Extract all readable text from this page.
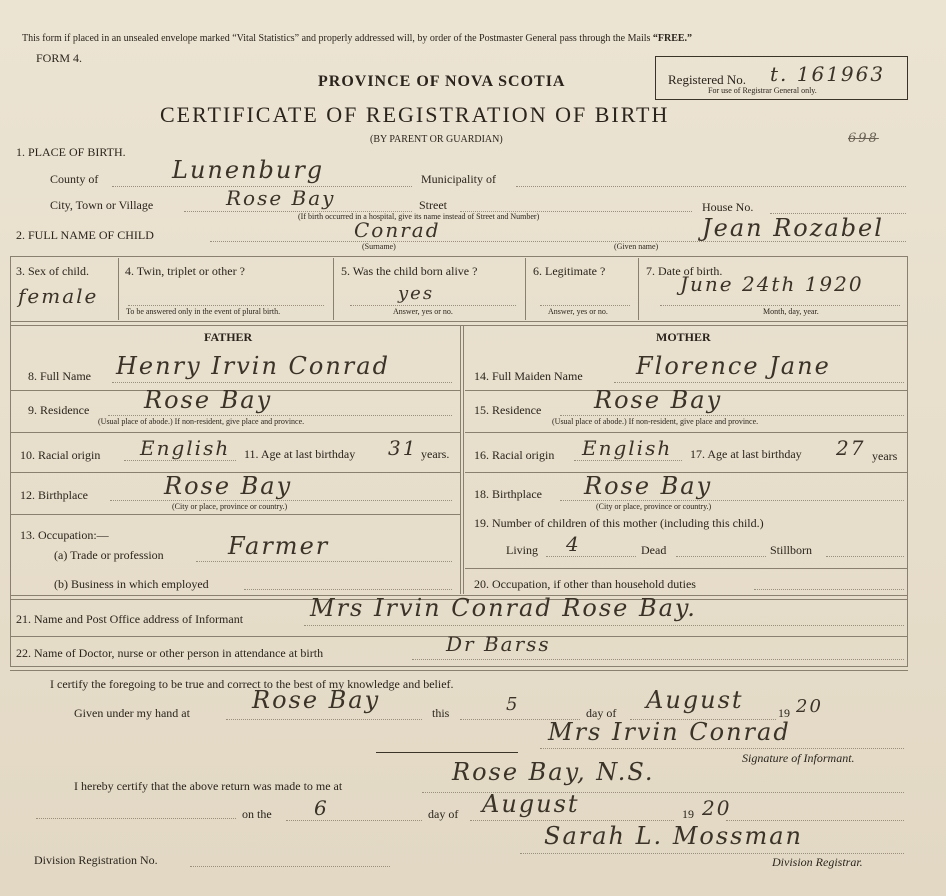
This form if placed in an unsealed envelope marked “Vital Statistics” and properly addressed will, by order of the Postmaster General pass through the Mails “FREE.”
FORM 4.
PROVINCE OF NOVA SCOTIA
CERTIFICATE OF REGISTRATION OF BIRTH
(BY PARENT OR GUARDIAN)
Registered No. t. 161963
For use of Registrar General only.
698
1. PLACE OF BIRTH.
County of	Lunenburg	Municipality of
City, Town or Village	Rose Bay	Street
(If birth occurred in a hospital, give its name instead of Street and Number)
House No.
2. FULL NAME OF CHILD	Conrad
(Surname)
Jean Rozabel
(Given name)
3. Sex of child.
female
4. Twin, triplet or other ?
To be answered only in the event of plural birth.
5. Was the child born alive ?
yes
Answer, yes or no.
6. Legitimate ?
Answer, yes or no.
7. Date of birth.
June 24th 1920
Month, day, year.
FATHER
8. Full Name Henry Irvin Conrad
9. Residence Rose Bay
(Usual place of abode.) If non-resident, give place and province.
10. Racial origin English 11. Age at last birthday 31 years.
12. Birthplace	Rose Bay
(City or place, province or country.)
13. Occupation:—
(a) Trade or profession	Farmer
(b) Business in which employed
MOTHER
14. Full Maiden Name Florence Jane
15. Residence Rose Bay
(Usual place of abode.) If non-resident, give place and province.
16. Racial origin English 17. Age at last birthday 27 years
18. Birthplace Rose Bay
(City or place, province or country.)
19. Number of children of this mother (including this child.)
Living 4	Dead	Stillborn
20. Occupation, if other than household duties
21. Name and Post Office address of Informant	Mrs Irvin Conrad Rose Bay.
22. Name of Doctor, nurse or other person in attendance at birth	Dr Barss
I certify the foregoing to be true and correct to the best of my knowledge and belief.
Given under my hand at	Rose Bay	this	5	day of August	19 20
Mrs Irvin Conrad
Signature of Informant.
I hereby certify that the above return was made to me at	Rose Bay, N.S.
on the 6	day of August	19 20
Sarah L. Mossman
Division Registration No.	Division Registrar.
